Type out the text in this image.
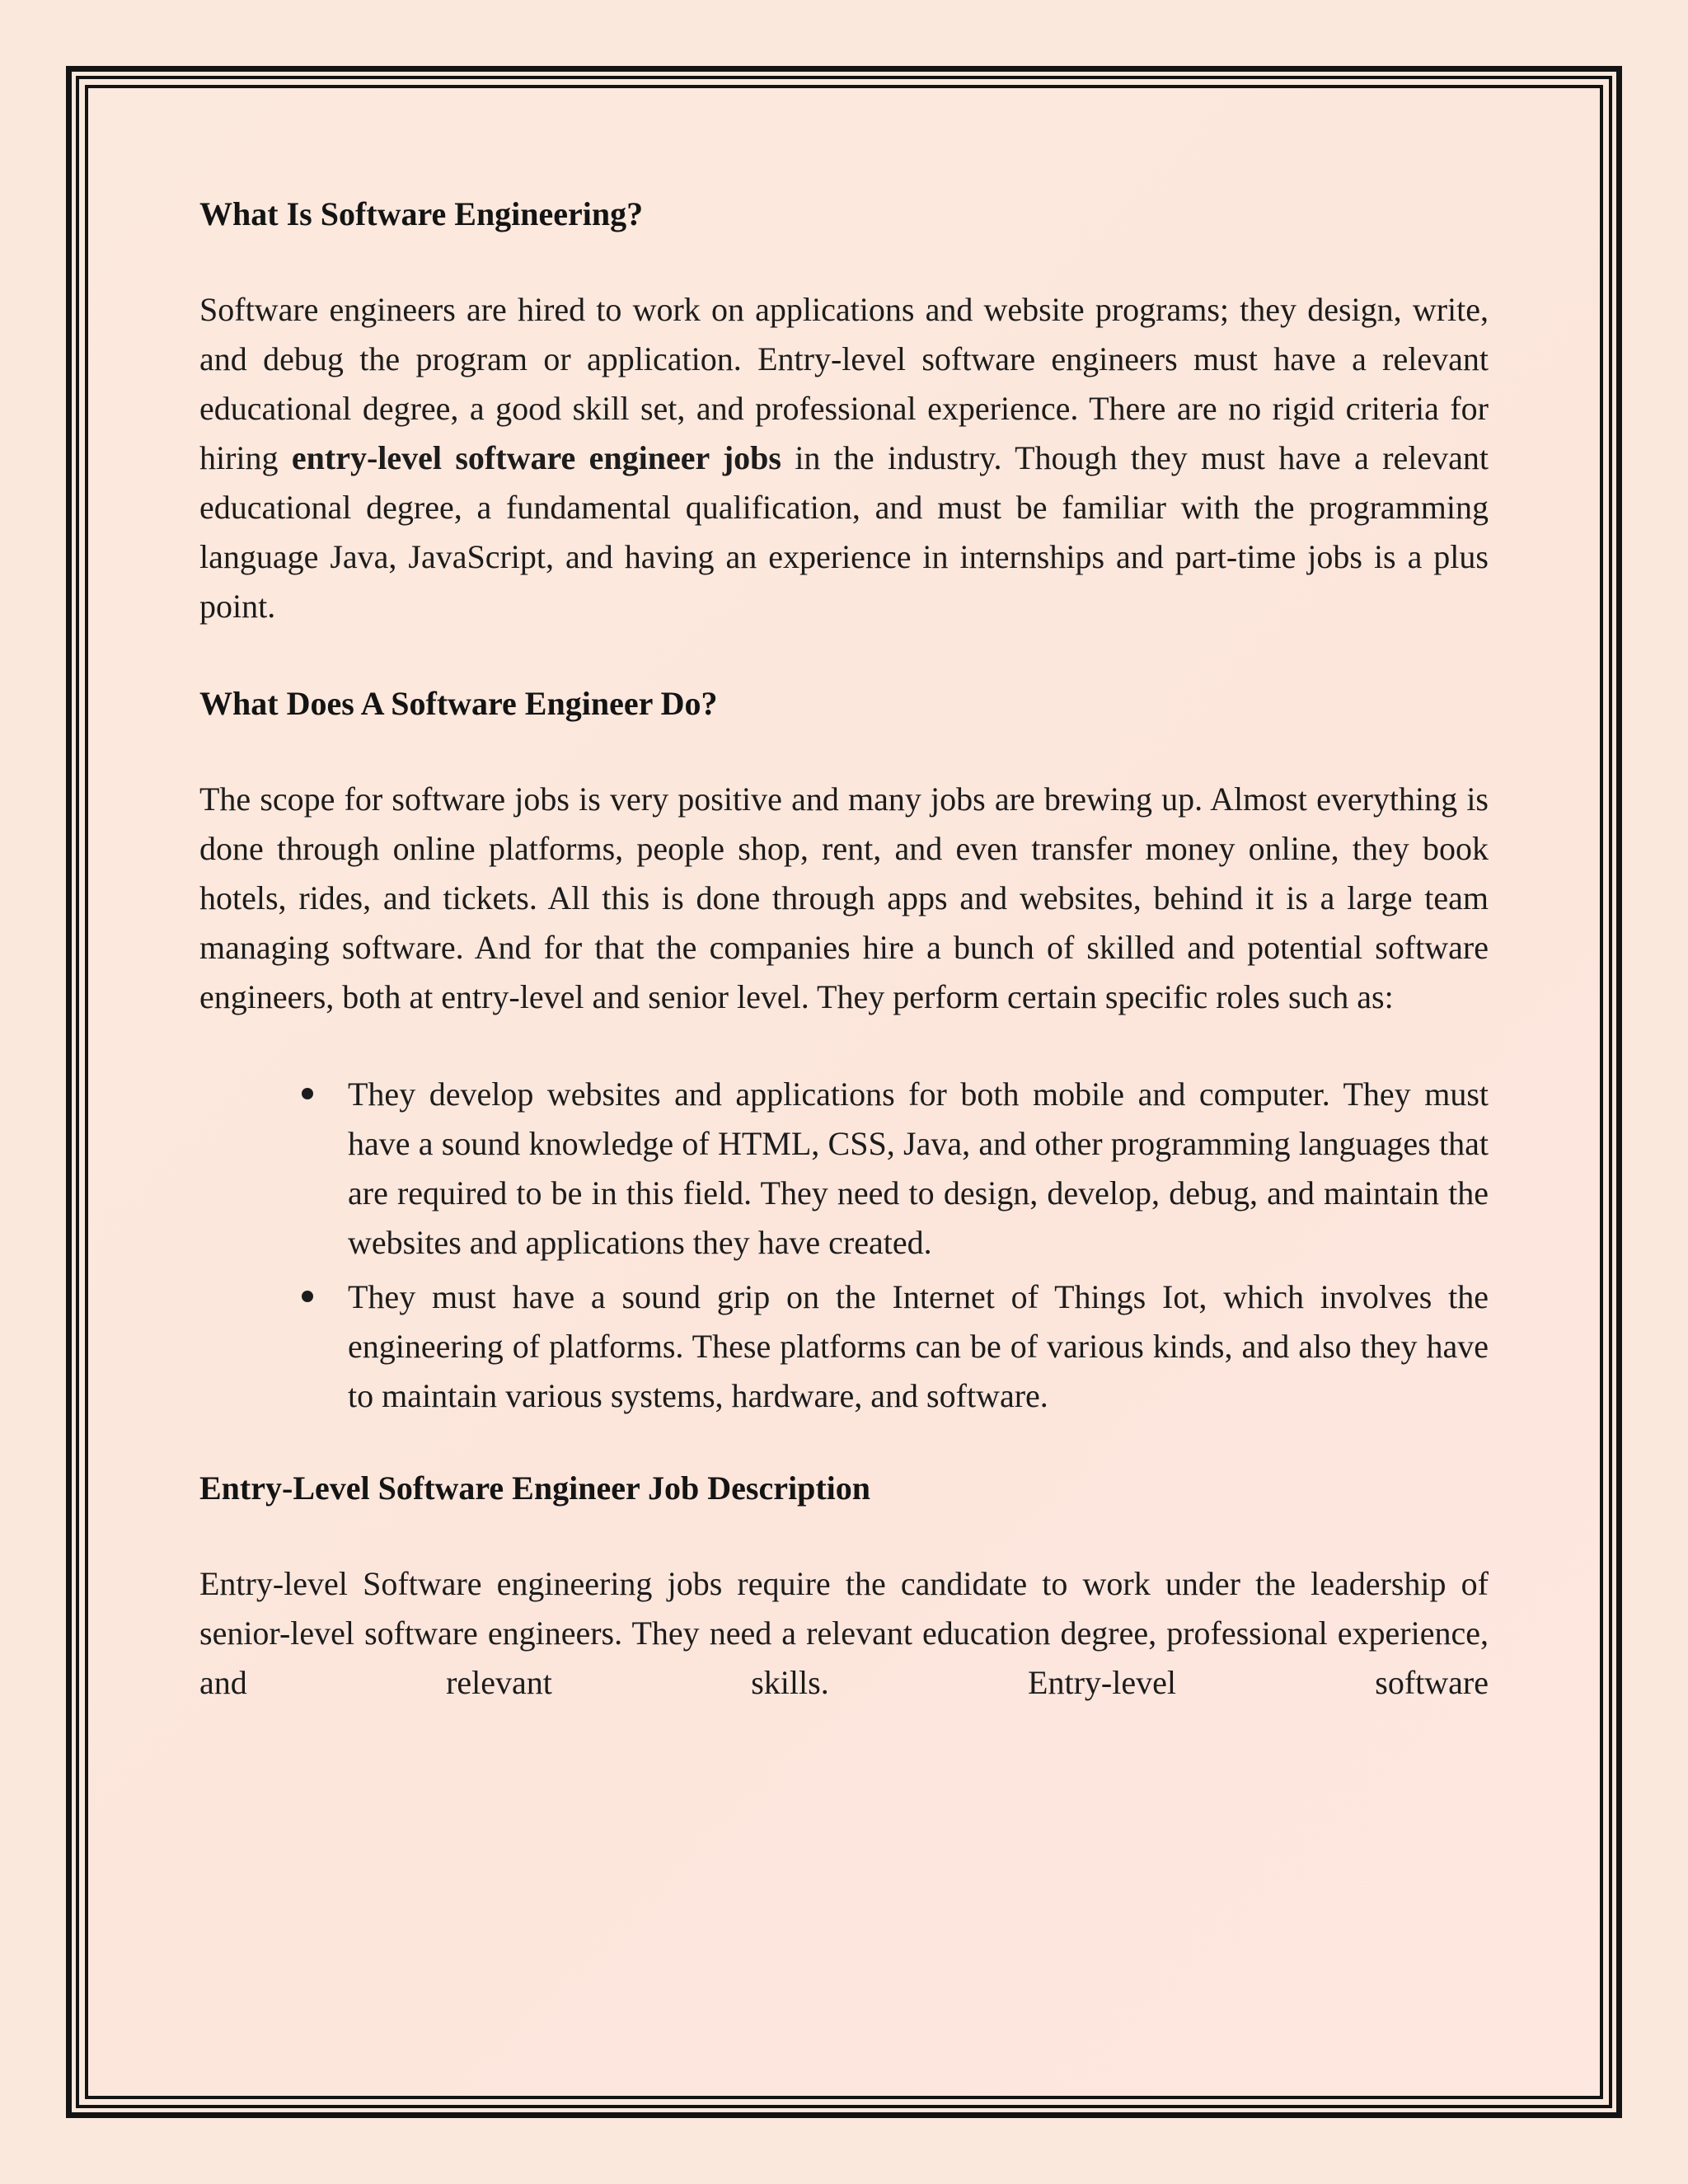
What Is Software Engineering?

Software engineers are hired to work on applications and website programs; they design, write, and debug the program or application. Entry-level software engineers must have a relevant educational degree, a good skill set, and professional experience. There are no rigid criteria for hiring entry-level software engineer jobs in the industry. Though they must have a relevant educational degree, a fundamental qualification, and must be familiar with the programming language Java, JavaScript, and having an experience in internships and part-time jobs is a plus point.

What Does A Software Engineer Do?

The scope for software jobs is very positive and many jobs are brewing up. Almost everything is done through online platforms, people shop, rent, and even transfer money online, they book hotels, rides, and tickets. All this is done through apps and websites, behind it is a large team managing software. And for that the companies hire a bunch of skilled and potential software engineers, both at entry-level and senior level. They perform certain specific roles such as:

They develop websites and applications for both mobile and computer. They must have a sound knowledge of HTML, CSS, Java, and other programming languages that are required to be in this field. They need to design, develop, debug, and maintain the websites and applications they have created.
They must have a sound grip on the Internet of Things Iot, which involves the engineering of platforms. These platforms can be of various kinds, and also they have to maintain various systems, hardware, and software.
Entry-Level Software Engineer Job Description

Entry-level Software engineering jobs require the candidate to work under the leadership of senior-level software engineers. They need a relevant education degree, professional experience, and relevant skills. Entry-level software
